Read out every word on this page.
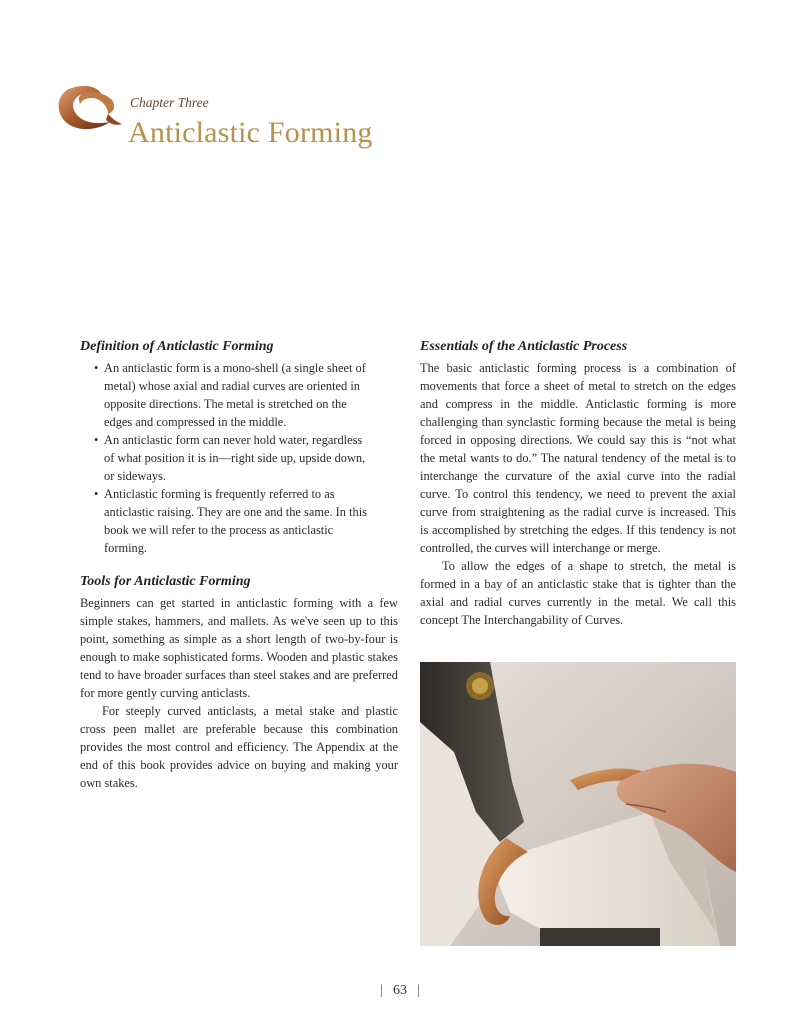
Chapter Three
Anticlastic Forming
Definition of Anticlastic Forming
• An anticlastic form is a mono-shell (a single sheet of metal) whose axial and radial curves are oriented in opposite directions. The metal is stretched on the edges and compressed in the middle.
• An anticlastic form can never hold water, regardless of what position it is in—right side up, upside down, or sideways.
• Anticlastic forming is frequently referred to as anticlastic raising. They are one and the same. In this book we will refer to the process as anticlastic forming.
Tools for Anticlastic Forming

Beginners can get started in anticlastic forming with a few simple stakes, hammers, and mallets. As we've seen up to this point, something as simple as a short length of two-by-four is enough to make sophisticated forms. Wooden and plastic stakes tend to have broader surfaces than steel stakes and are preferred for more gently curving anticlasts.

For steeply curved anticlasts, a metal stake and plastic cross peen mallet are preferable because this combination provides the most control and efficiency. The Appendix at the end of this book provides advice on buying and making your own stakes.

Essentials of the Anticlastic Process

The basic anticlastic forming process is a combination of movements that force a sheet of metal to stretch on the edges and compress in the middle. Anticlastic forming is more challenging than synclastic forming because the metal is being forced in opposing directions. We could say this is “not what the metal wants to do.” The natural tendency of the metal is to interchange the curvature of the axial curve into the radial curve. To control this tendency, we need to prevent the axial curve from straightening as the radial curve is increased. This is accomplished by stretching the edges. If this tendency is not controlled, the curves will interchange or merge.

To allow the edges of a shape to stretch, the metal is formed in a bay of an anticlastic stake that is tighter than the axial and radial curves currently in the metal. We call this concept The Interchangability of Curves.

| 63 |
